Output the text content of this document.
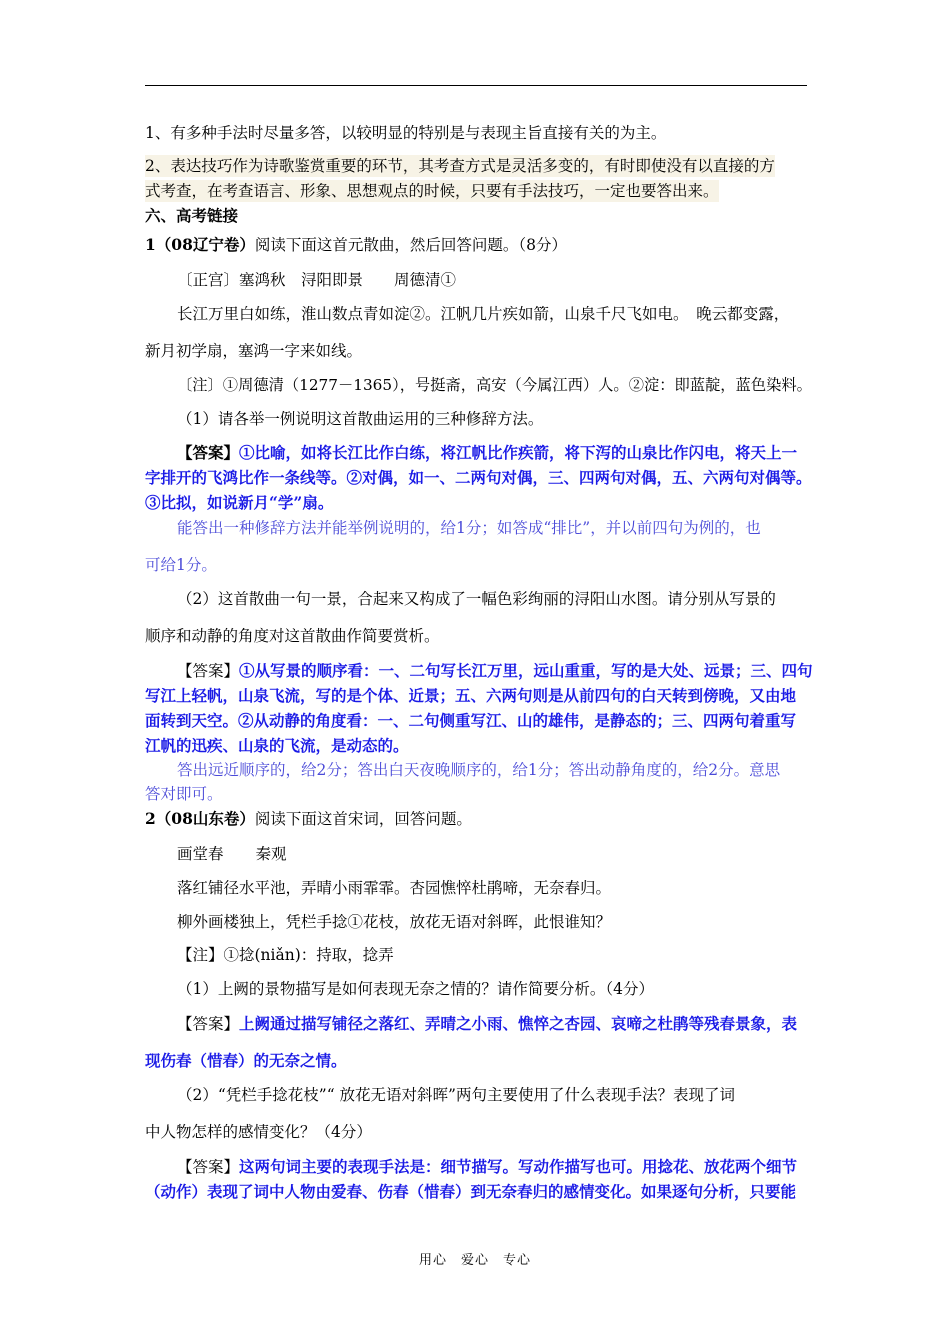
1、有多种手法时尽量多答，以较明显的特别是与表现主旨直接有关的为主。
2、表达技巧作为诗歌鉴赏重要的环节，其考查方式是灵活多变的，有时即使没有以直接的方
式考查，在考查语言、形象、思想观点的时候，只要有手法技巧，一定也要答出来。
六、高考链接
1（08辽宁卷）阅读下面这首元散曲，然后回答问题。（8分）
〔正宫〕塞鸿秋　浔阳即景　　周德清①
长江万里白如练，淮山数点青如淀②。江帆几片疾如箭，山泉千尺飞如电。　晚云都变露，
新月初学扇，塞鸿一字来如线。
〔注〕①周德清（1277－1365），号挺斋，高安（今属江西）人。②淀：即蓝靛，蓝色染料。
（1）请各举一例说明这首散曲运用的三种修辞方法。
【答案】①比喻，如将长江比作白练，将江帆比作疾箭，将下泻的山泉比作闪电，将天上一
字排开的飞鸿比作一条线等。②对偶，如一、二两句对偶，三、四两句对偶，五、六两句对偶等。
③比拟，如说新月“学”扇。
能答出一种修辞方法并能举例说明的，给1分；如答成“排比”，并以前四句为例的，也
可给1分。
（2）这首散曲一句一景，合起来又构成了一幅色彩绚丽的浔阳山水图。请分别从写景的
顺序和动静的角度对这首散曲作简要赏析。
【答案】①从写景的顺序看：一、二句写长江万里，远山重重，写的是大处、远景；三、四句
写江上轻帆，山泉飞流，写的是个体、近景；五、六两句则是从前四句的白天转到傍晚，又由地
面转到天空。②从动静的角度看：一、二句侧重写江、山的雄伟，是静态的；三、四两句着重写
江帆的迅疾、山泉的飞流，是动态的。
答出远近顺序的，给2分；答出白天夜晚顺序的，给1分；答出动静角度的，给2分。意思
答对即可。
2（08山东卷）阅读下面这首宋词，回答问题。
画堂春 秦观
落红铺径水平池，弄晴小雨霏霏。杏园憔悴杜鹃啼，无奈春归。
柳外画楼独上，凭栏手捻①花枝，放花无语对斜晖，此恨谁知？
【注】①捻(niǎn)：持取，捻弄
（1）上阙的景物描写是如何表现无奈之情的？请作简要分析。（4分）
【答案】上阙通过描写铺径之落红、弄晴之小雨、憔悴之杏园、哀啼之杜鹃等残春景象，表
现伤春（惜春）的无奈之情。
（2）“凭栏手捻花枝”“ 放花无语对斜晖”两句主要使用了什么表现手法？表现了词
中人物怎样的感情变化？（4分）
【答案】这两句词主要的表现手法是：细节描写。写动作描写也可。用捻花、放花两个细节
（动作）表现了词中人物由爱春、伤春（惜春）到无奈春归的感情变化。如果逐句分析，只要能
用心　爱心　专心
